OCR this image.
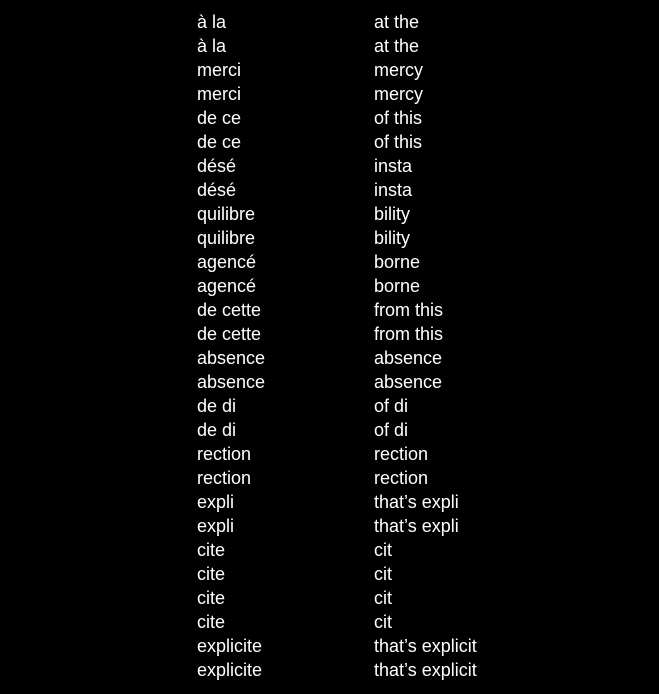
à la	at the
à la	at the
merci	mercy
merci	mercy
de ce	of this
de ce	of this
désé	insta
désé	insta
quilibre	bility
quilibre	bility
agencé	borne
agencé	borne
de cette	from this
de cette	from this
absence	absence
absence	absence
de di	of di
de di	of di
rection	rection
rection	rection
expli	that’s expli
expli	that’s expli
cite	cit
cite	cit
cite	cit
cite	cit
explicite	that’s explicit
explicite	that’s explicit
